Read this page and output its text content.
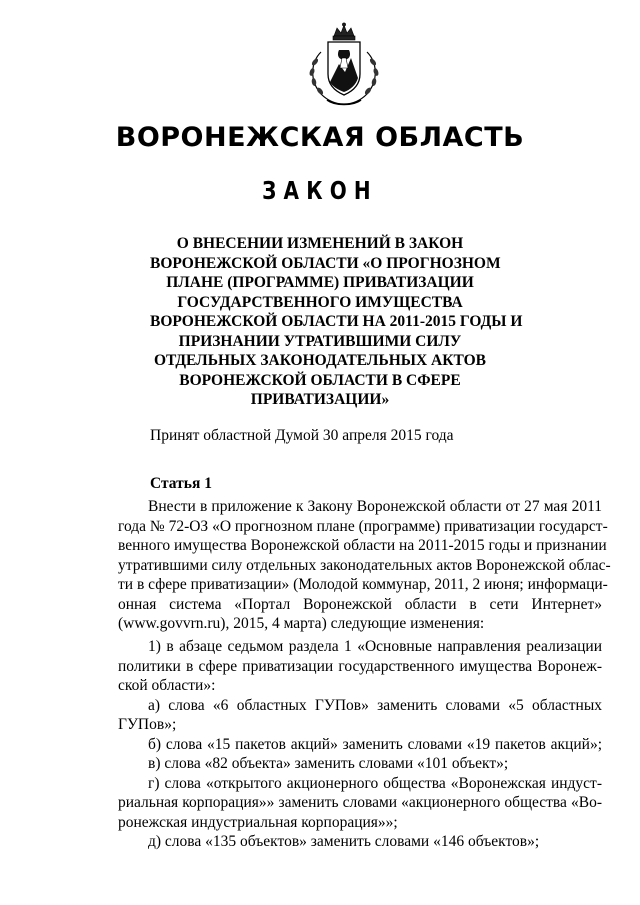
ВОРОНЕЖСКАЯ ОБЛАСТЬ
ЗАКОН
О ВНЕСЕНИИ ИЗМЕНЕНИЙ В ЗАКОН
ВОРОНЕЖСКОЙ ОБЛАСТИ «О ПРОГНОЗНОМ
ПЛАНЕ (ПРОГРАММЕ) ПРИВАТИЗАЦИИ
ГОСУДАРСТВЕННОГО ИМУЩЕСТВА
ВОРОНЕЖСКОЙ ОБЛАСТИ НА 2011-2015 ГОДЫ И
ПРИЗНАНИИ УТРАТИВШИМИ СИЛУ
ОТДЕЛЬНЫХ ЗАКОНОДАТЕЛЬНЫХ АКТОВ
ВОРОНЕЖСКОЙ ОБЛАСТИ В СФЕРЕ
ПРИВАТИЗАЦИИ»
Принят областной Думой 30 апреля 2015 года
Статья 1
Внести в приложение к Закону Воронежской области от 27 мая 2011
года № 72-ОЗ «О прогнозном плане (программе) приватизации государст-
венного имущества Воронежской области на 2011-2015 годы и признании
утратившими силу отдельных законодательных актов Воронежской облас-
ти в сфере приватизации» (Молодой коммунар, 2011, 2 июня; информаци-
онная система «Портал Воронежской области в сети Интернет»
(www.govvrn.ru), 2015, 4 марта) следующие изменения:
1) в абзаце седьмом раздела 1 «Основные направления реализации
политики в сфере приватизации государственного имущества Воронеж-
ской области»:
а) слова «6 областных ГУПов» заменить словами «5 областных
ГУПов»;
б) слова «15 пакетов акций» заменить словами «19 пакетов акций»;
в) слова «82 объекта» заменить словами «101 объект»;
г) слова «открытого акционерного общества «Воронежская индуст-
риальная корпорация»» заменить словами «акционерного общества «Во-
ронежская индустриальная корпорация»»;
д) слова «135 объектов» заменить словами «146 объектов»;
